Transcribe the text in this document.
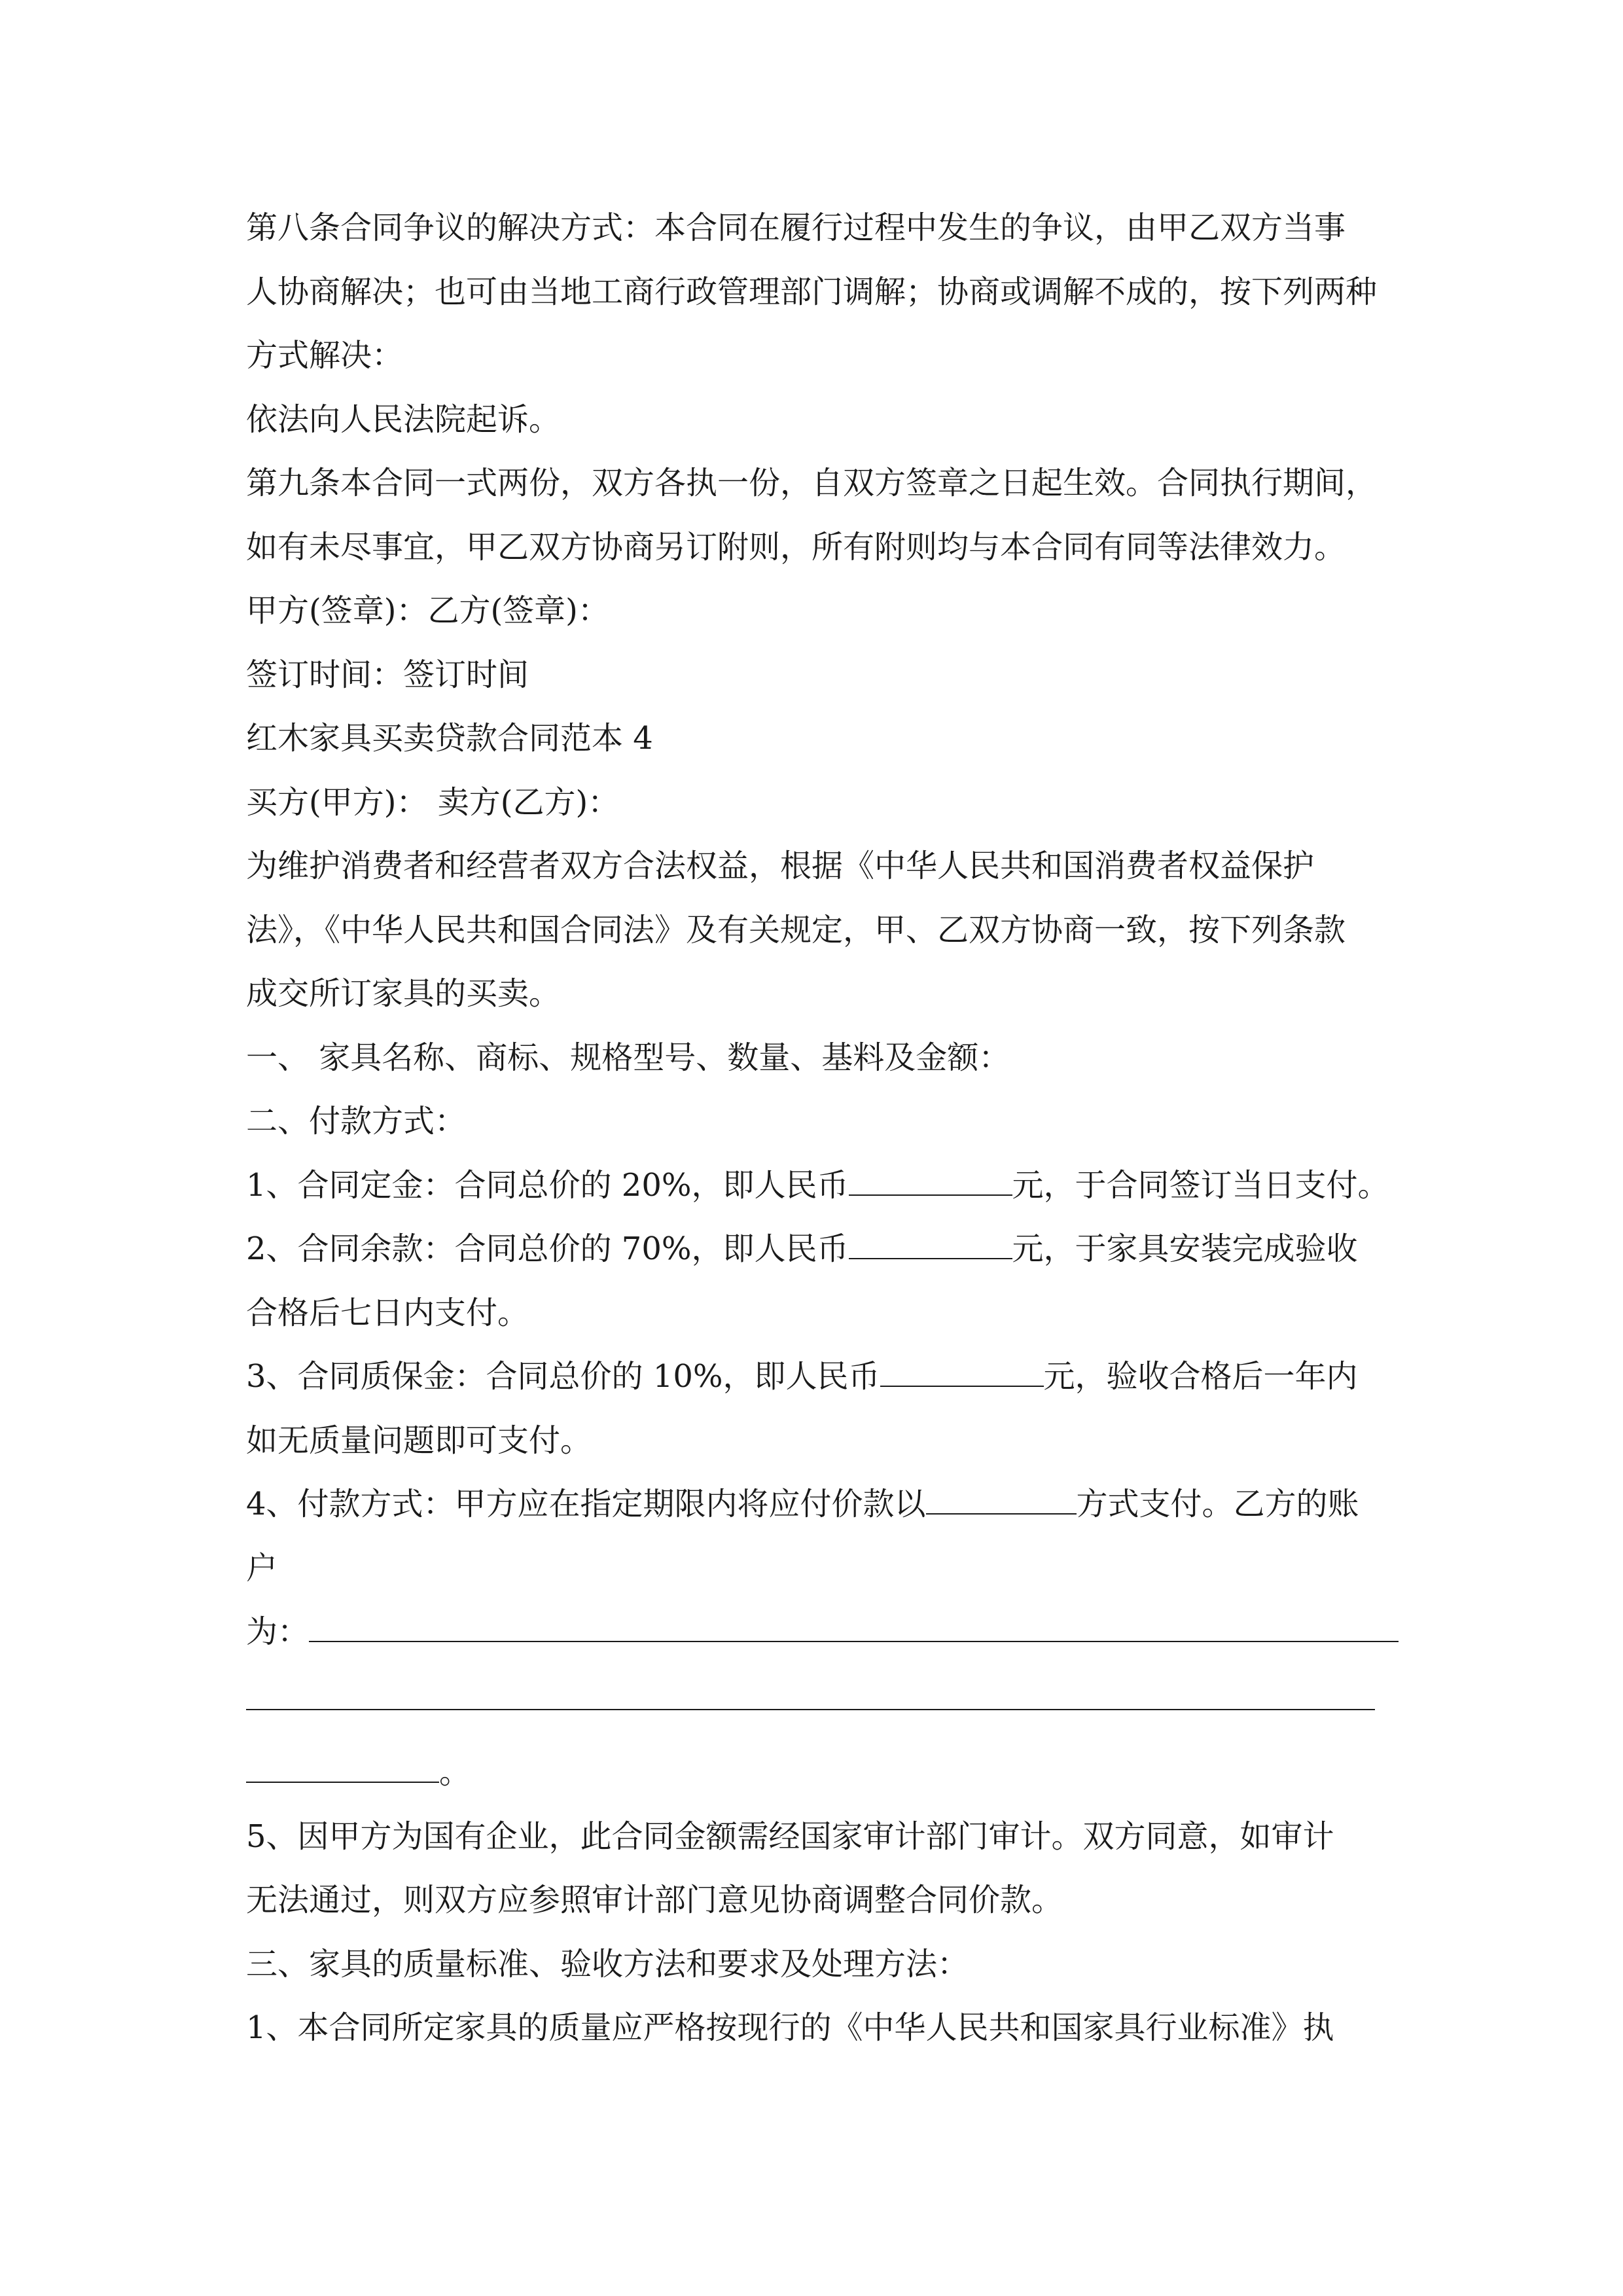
第八条合同争议的解决方式：本合同在履行过程中发生的争议，由甲乙双方当事
人协商解决；也可由当地工商行政管理部门调解；协商或调解不成的，按下列两种
方式解决：
依法向人民法院起诉。
第九条本合同一式两份，双方各执一份，自双方签章之日起生效。合同执行期间，
如有未尽事宜，甲乙双方协商另订附则，所有附则均与本合同有同等法律效力。
甲方(签章)：乙方(签章)：
签订时间：签订时间
红木家具买卖贷款合同范本 4
买方(甲方)： 卖方(乙方)：
为维护消费者和经营者双方合法权益，根据《中华人民共和国消费者权益保护
法》，《中华人民共和国合同法》及有关规定，甲、乙双方协商一致，按下列条款
成交所订家具的买卖。
一、 家具名称、商标、规格型号、数量、基料及金额：
二、付款方式：
1、合同定金：合同总价的 20%，即人民币	元，于合同签订当日支付。
2、合同余款：合同总价的 70%，即人民币	元，于家具安装完成验收
合格后七日内支付。
3、合同质保金：合同总价的 10%，即人民币	元，验收合格后一年内
如无质量问题即可支付。
4、付款方式：甲方应在指定期限内将应付价款以	方式支付。乙方的账
户
为：
。
5、因甲方为国有企业，此合同金额需经国家审计部门审计。双方同意，如审计
无法通过，则双方应参照审计部门意见协商调整合同价款。
三、家具的质量标准、验收方法和要求及处理方法：
1、本合同所定家具的质量应严格按现行的《中华人民共和国家具行业标准》执
